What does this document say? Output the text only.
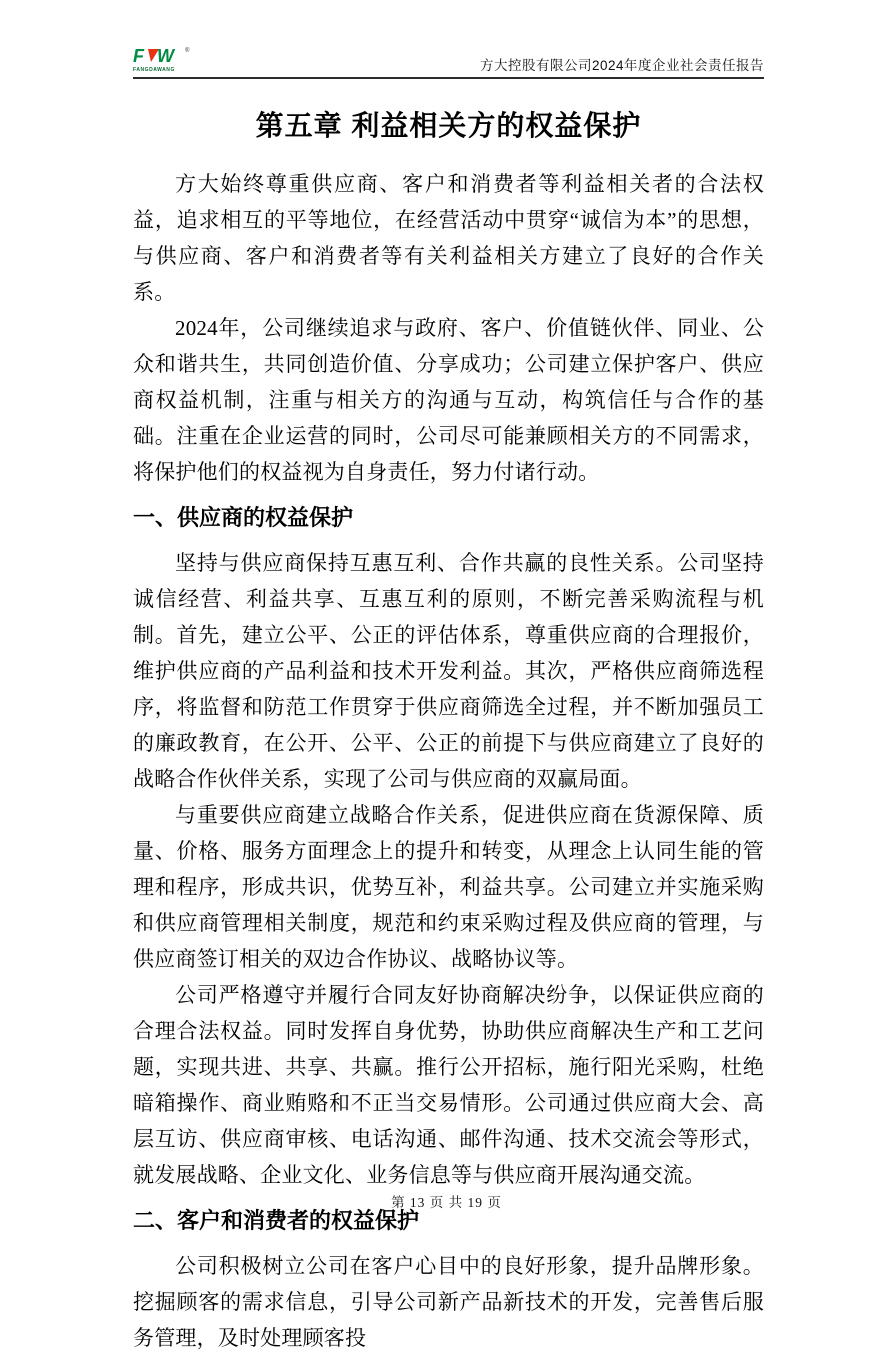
F W	®
FANGDAWANG	方大控股有限公司2024年度企业社会责任报告
第五章 利益相关方的权益保护

方大始终尊重供应商、客户和消费者等利益相关者的合法权益，追求相互的平等地位，在经营活动中贯穿“诚信为本”的思想，与供应商、客户和消费者等有关利益相关方建立了良好的合作关系。

2024年，公司继续追求与政府、客户、价值链伙伴、同业、公众和谐共生，共同创造价值、分享成功；公司建立保护客户、供应商权益机制，注重与相关方的沟通与互动，构筑信任与合作的基础。注重在企业运营的同时，公司尽可能兼顾相关方的不同需求，将保护他们的权益视为自身责任，努力付诸行动。

一、供应商的权益保护

坚持与供应商保持互惠互利、合作共赢的良性关系。公司坚持诚信经营、利益共享、互惠互利的原则，不断完善采购流程与机制。首先，建立公平、公正的评估体系，尊重供应商的合理报价，维护供应商的产品利益和技术开发利益。其次，严格供应商筛选程序，将监督和防范工作贯穿于供应商筛选全过程，并不断加强员工的廉政教育，在公开、公平、公正的前提下与供应商建立了良好的战略合作伙伴关系，实现了公司与供应商的双赢局面。

与重要供应商建立战略合作关系，促进供应商在货源保障、质量、价格、服务方面理念上的提升和转变，从理念上认同生能的管理和程序，形成共识，优势互补，利益共享。公司建立并实施采购和供应商管理相关制度，规范和约束采购过程及供应商的管理，与供应商签订相关的双边合作协议、战略协议等。

公司严格遵守并履行合同友好协商解决纷争，以保证供应商的合理合法权益。同时发挥自身优势，协助供应商解决生产和工艺问题，实现共进、共享、共赢。推行公开招标，施行阳光采购，杜绝暗箱操作、商业贿赂和不正当交易情形。公司通过供应商大会、高层互访、供应商审核、电话沟通、邮件沟通、技术交流会等形式，就发展战略、企业文化、业务信息等与供应商开展沟通交流。

二、客户和消费者的权益保护

公司积极树立公司在客户心目中的良好形象，提升品牌形象。挖掘顾客的需求信息，引导公司新产品新技术的开发，完善售后服务管理，及时处理顾客投

第 13 页 共 19 页
